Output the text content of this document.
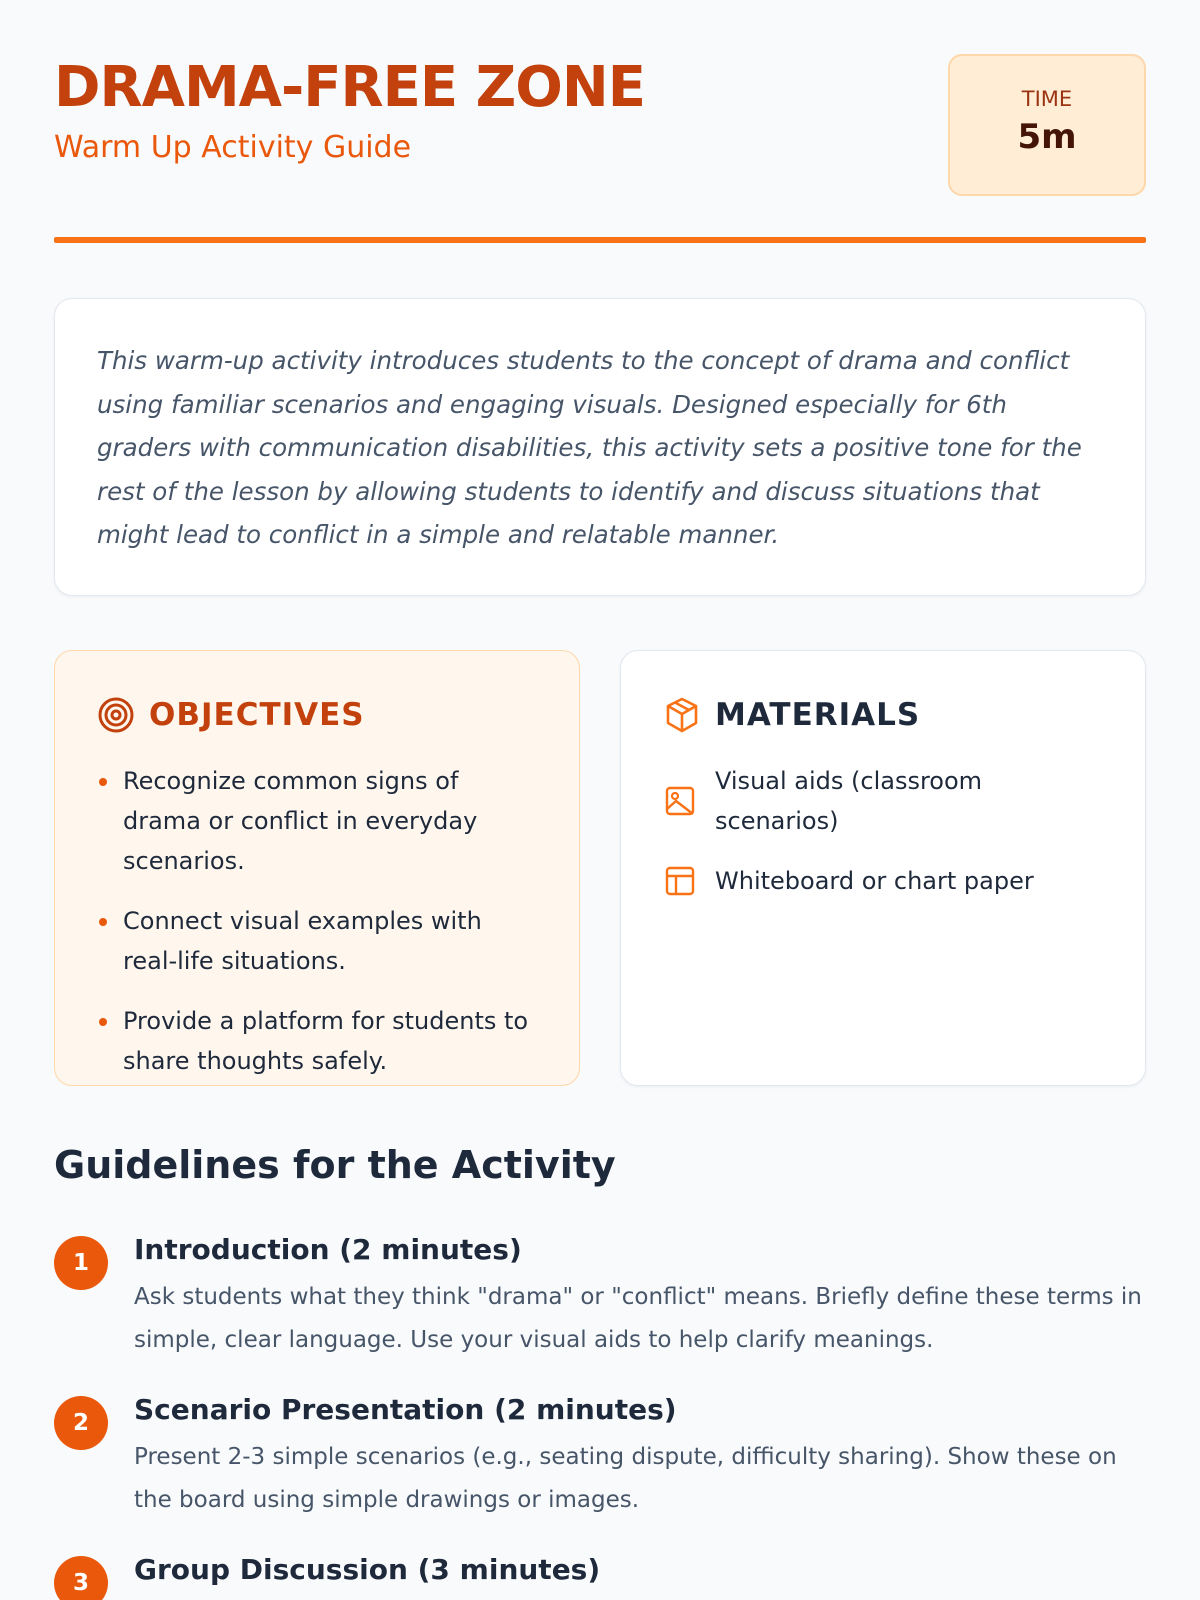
DRAMA-FREE ZONE
Warm Up Activity Guide
TIME
5m

This warm-up activity introduces students to the concept of drama and conflict using familiar scenarios and engaging visuals. Designed especially for 6th graders with communication disabilities, this activity sets a positive tone for the rest of the lesson by allowing students to identify and discuss situations that might lead to conflict in a simple and relatable manner.

OBJECTIVES
Recognize common signs of drama or conflict in everyday scenarios.
Connect visual examples with real-life situations.
Provide a platform for students to share thoughts safely.
MATERIALS
Visual aids (classroom scenarios)
Whiteboard or chart paper
Guidelines for the Activity
1	Introduction (2 minutes)
Ask students what they think "drama" or "conflict" means. Briefly define these terms in simple, clear language. Use your visual aids to help clarify meanings.
2	Scenario Presentation (2 minutes)
Present 2-3 simple scenarios (e.g., seating dispute, difficulty sharing). Show these on the board using simple drawings or images.
3	Group Discussion (3 minutes)
